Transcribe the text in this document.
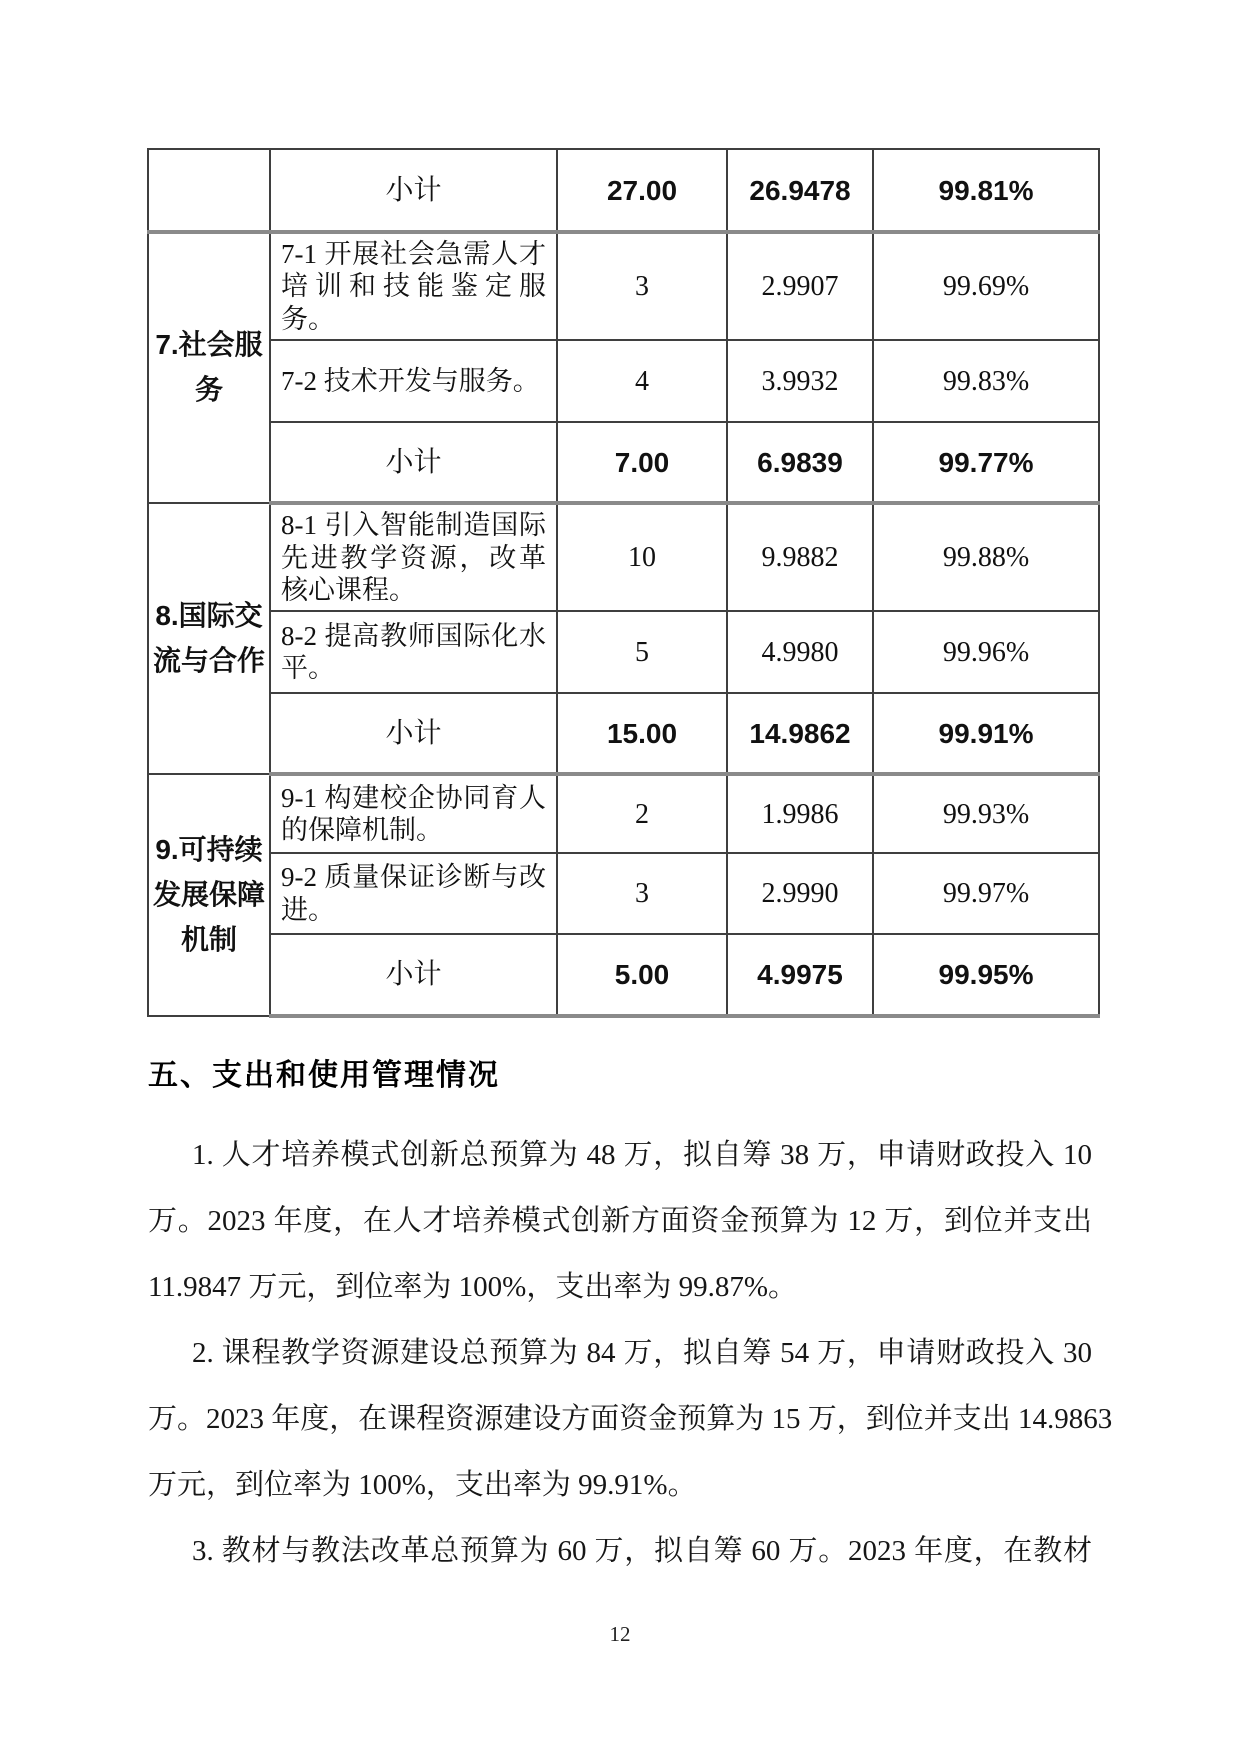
	小计	27.00	26.9478	99.81%
7.社会服务	7-1 开展社会急需人才培训和技能鉴定服务。	3	2.9907	99.69%
	7-2 技术开发与服务。	4	3.9932	99.83%
	小计	7.00	6.9839	99.77%
8.国际交流与合作	8-1 引入智能制造国际先进教学资源，改革核心课程。	10	9.9882	99.88%
	8-2 提高教师国际化水平。	5	4.9980	99.96%
	小计	15.00	14.9862	99.91%
9.可持续发展保障机制	9-1 构建校企协同育人的保障机制。	2	1.9986	99.93%
	9-2 质量保证诊断与改进。	3	2.9990	99.97%
	小计	5.00	4.9975	99.95%
五、支出和使用管理情况
1. 人才培养模式创新总预算为 48 万，拟自筹 38 万，申请财政投入 10
万。2023 年度，在人才培养模式创新方面资金预算为 12 万，到位并支出
11.9847 万元，到位率为 100%，支出率为 99.87%。
2. 课程教学资源建设总预算为 84 万，拟自筹 54 万，申请财政投入 30
万。2023 年度，在课程资源建设方面资金预算为 15 万，到位并支出 14.9863
万元，到位率为 100%，支出率为 99.91%。
3. 教材与教法改革总预算为 60 万，拟自筹 60 万。2023 年度，在教材
12
